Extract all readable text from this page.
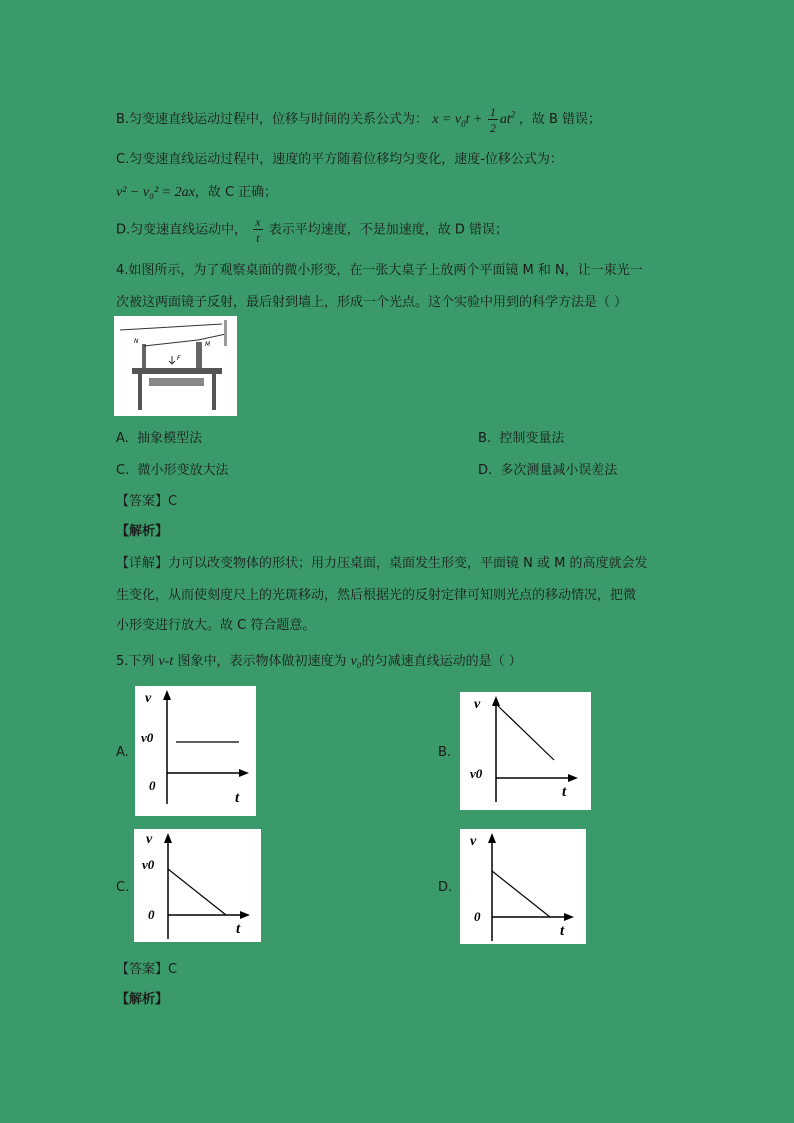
B.匀变速直线运动过程中，位移与时间的关系公式为： $x = v_0t + \frac{1}{2} at^2$ ，故 B 错误；
C.匀变速直线运动过程中，速度的平方随着位移均匀变化，速度-位移公式为：
v² − v₀² = 2ax，故 C 正确；
D.匀变速直线运动中， $\frac{x}{t}$ 表示平均速度，不是加速度，故 D 错误；
4.如图所示，为了观察桌面的微小形变，在一张大桌子上放两个平面镜 M 和 N，让一束光一
次被这两面镜子反射，最后射到墙上，形成一个光点。这个实验中用到的科学方法是（ ）
N	M
F
A. 抽象模型法	B. 控制变量法
C. 微小形变放大法	D. 多次测量减小误差法
【答案】C
【解析】
【详解】力可以改变物体的形状；用力压桌面，桌面发生形变，平面镜 N 或 M 的高度就会发
生变化，从而使刻度尺上的光斑移动，然后根据光的反射定律可知则光点的移动情况，把微
小形变进行放大。故 C 符合题意。
5.下列 v-t 图象中，表示物体做初速度为 v₀的匀减速直线运动的是（ ）
A.
v
v0
0
t
B.
v
v0
t
C.
v
v0
0
t
D.
v
0
t
【答案】C
【解析】
